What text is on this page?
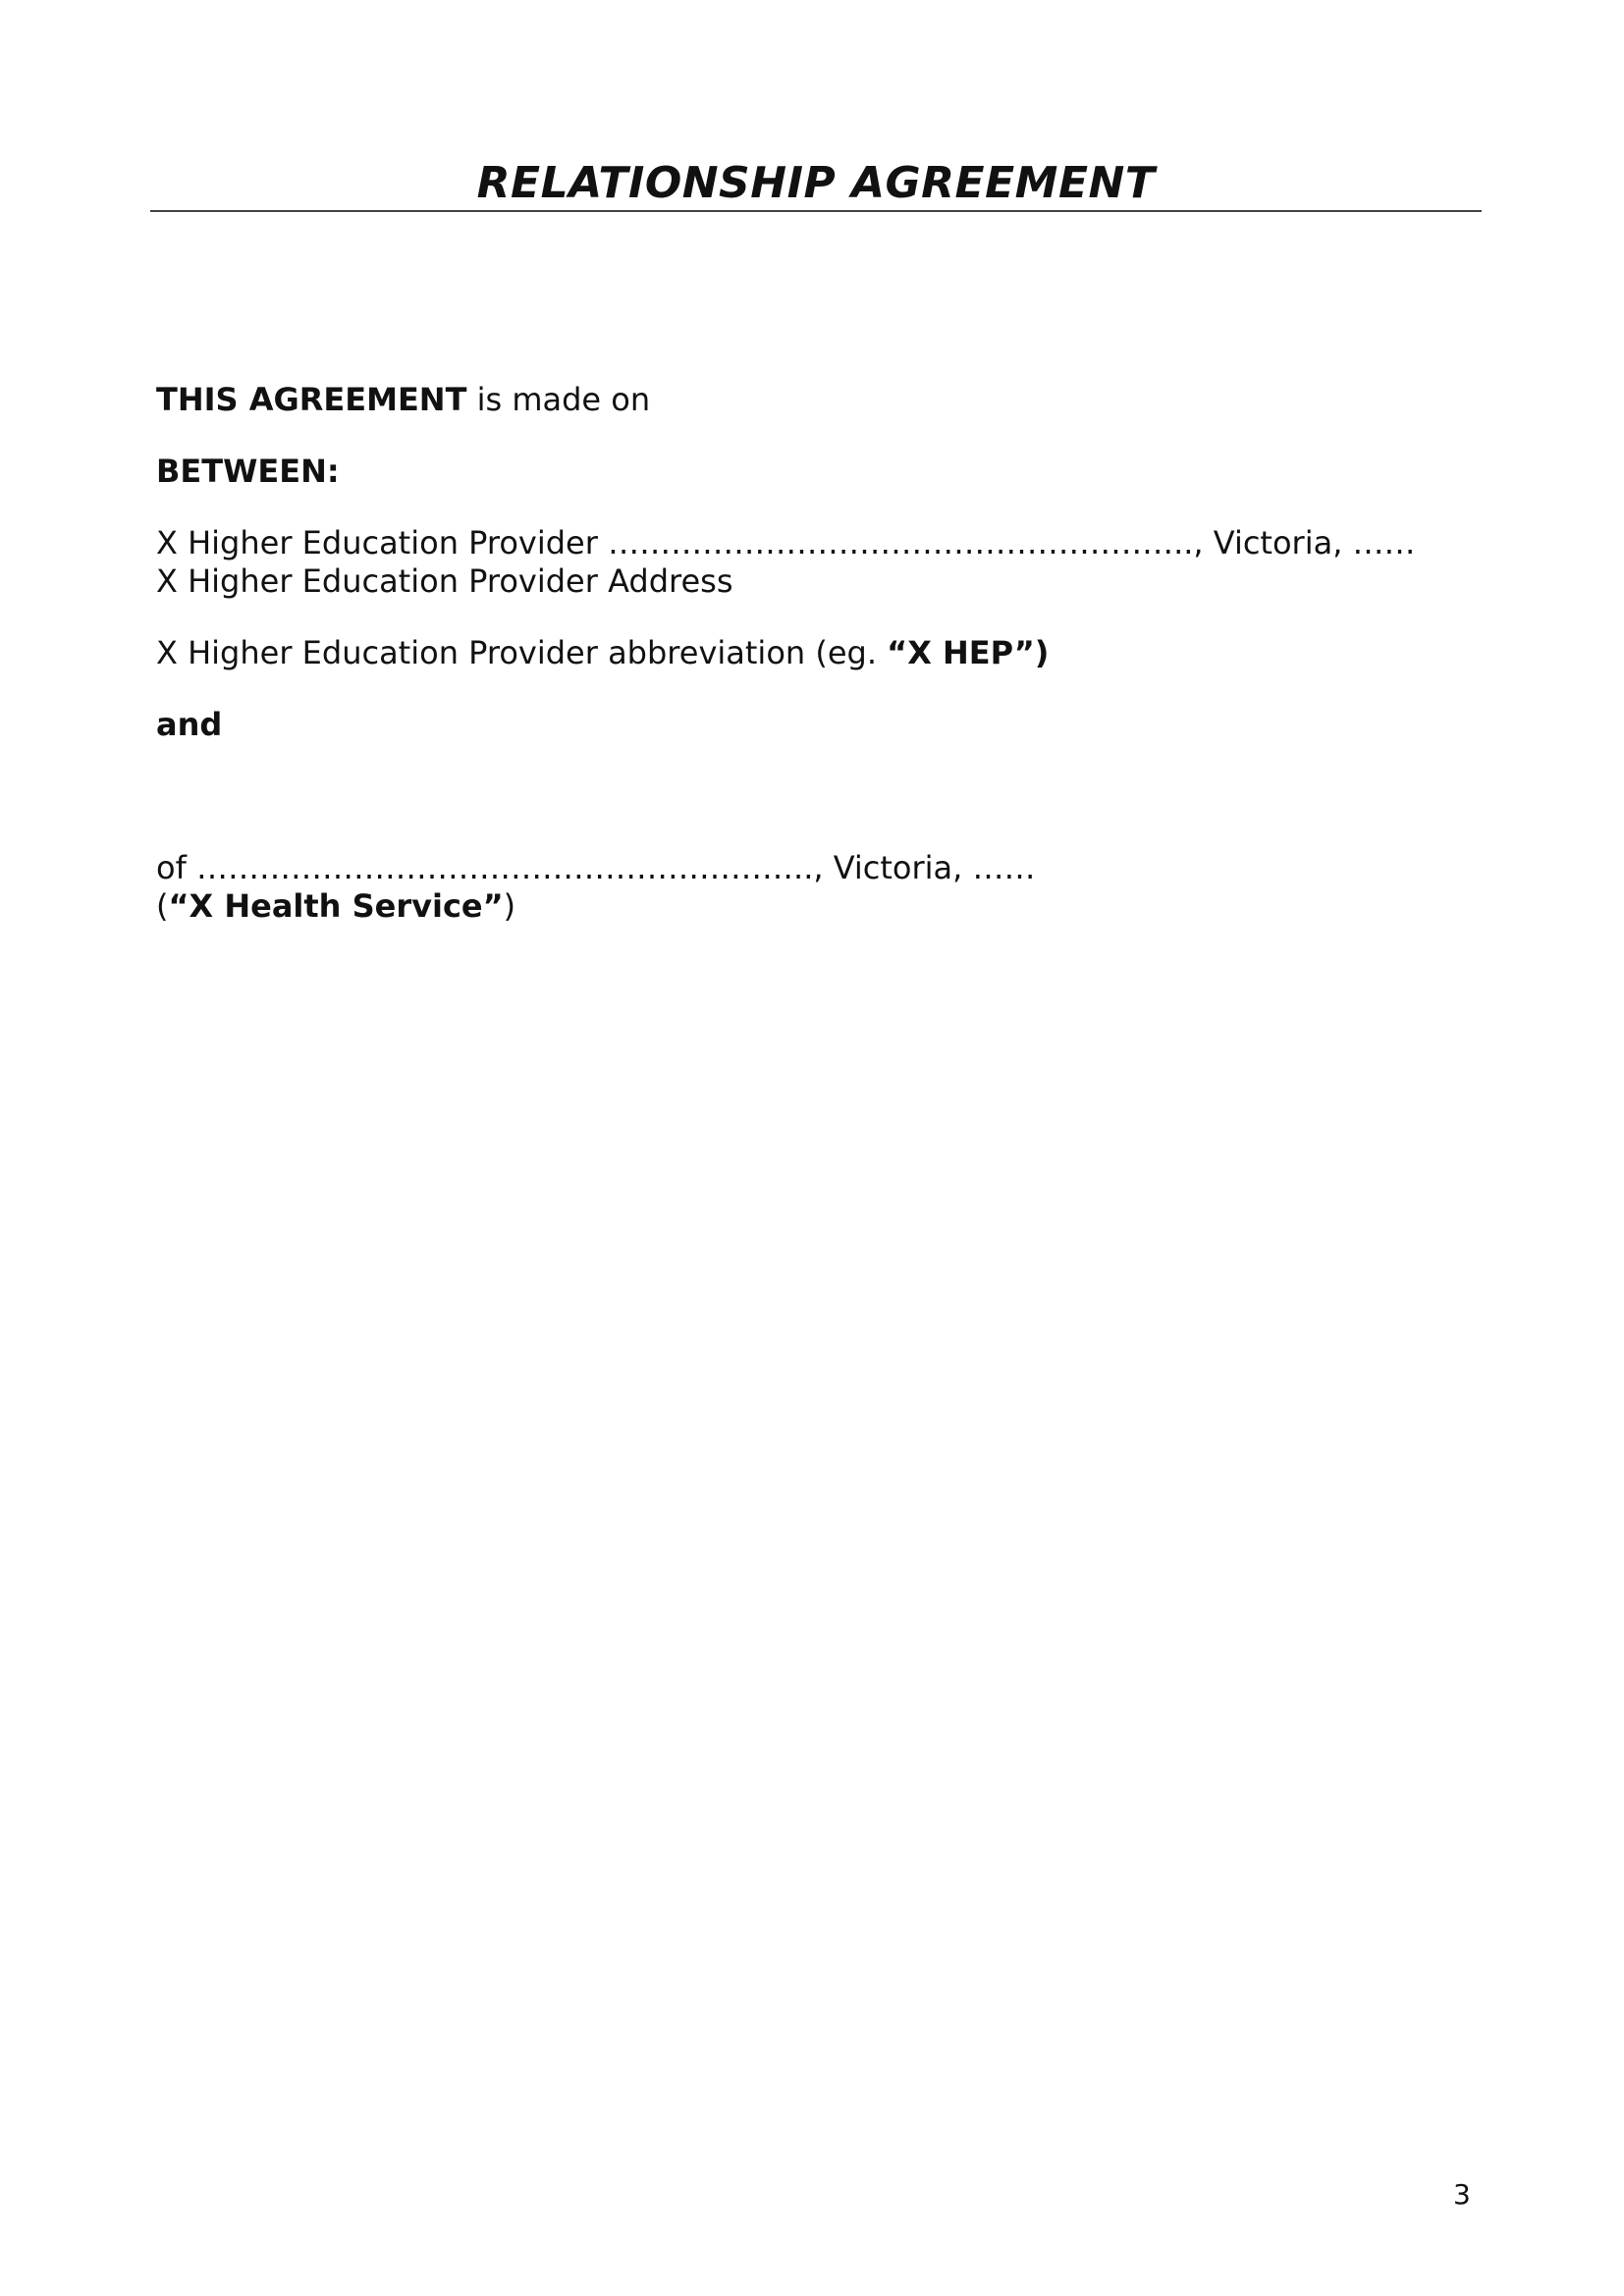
RELATIONSHIP AGREEMENT
THIS AGREEMENT is made on
BETWEEN:
X Higher Education Provider ……………………………………………….., Victoria, ……
X Higher Education Provider Address
X Higher Education Provider abbreviation (eg. “X HEP”)
and
of ………………………………………………….., Victoria, ……
(“X Health Service”)
3
